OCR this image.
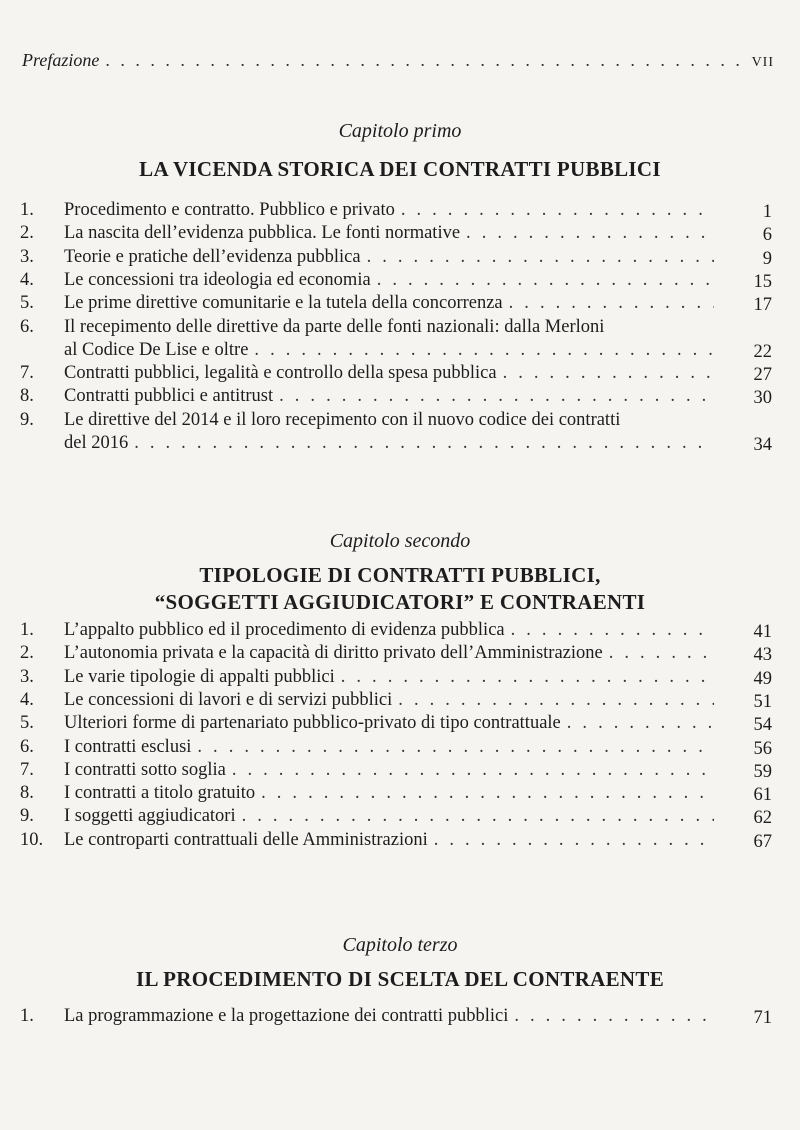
Prefazione . . .	VII
Capitolo primo
LA VICENDA STORICA DEI CONTRATTI PUBBLICI
Capitolo secondo
TIPOLOGIE DI CONTRATTI PUBBLICI,
“SOGGETTI AGGIUDICATORI” E CONTRAENTI
Capitolo terzo
IL PROCEDIMENTO DI SCELTA DEL CONTRAENTE
1.	Procedimento e contratto. Pubblico e privato . . .	1
2.	La nascita dell’evidenza pubblica. Le fonti normative . . .	6
3.	Teorie e pratiche dell’evidenza pubblica . . .	9
4.	Le concessioni tra ideologia ed economia . . .	15
5.	Le prime direttive comunitarie e la tutela della concorrenza . . .	17
6.	Il recepimento delle direttive da parte delle fonti nazionali: dalla Merloni
al Codice De Lise e oltre . . .	22
7.	Contratti pubblici, legalità e controllo della spesa pubblica . . .	27
8.	Contratti pubblici e antitrust . . .	30
9.	Le direttive del 2014 e il loro recepimento con il nuovo codice dei contratti
del 2016 . . .	34
1.	L’appalto pubblico ed il procedimento di evidenza pubblica . . .	41
2.	L’autonomia privata e la capacità di diritto privato dell’Amministrazione . . .	43
3.	Le varie tipologie di appalti pubblici . . .	49
4.	Le concessioni di lavori e di servizi pubblici . . .	51
5.	Ulteriori forme di partenariato pubblico-privato di tipo contrattuale . . .	54
6.	I contratti esclusi . . .	56
7.	I contratti sotto soglia . . .	59
8.	I contratti a titolo gratuito . . .	61
9.	I soggetti aggiudicatori . . .	62
10.	Le controparti contrattuali delle Amministrazioni . . .	67
1.	La programmazione e la progettazione dei contratti pubblici . . .	71
